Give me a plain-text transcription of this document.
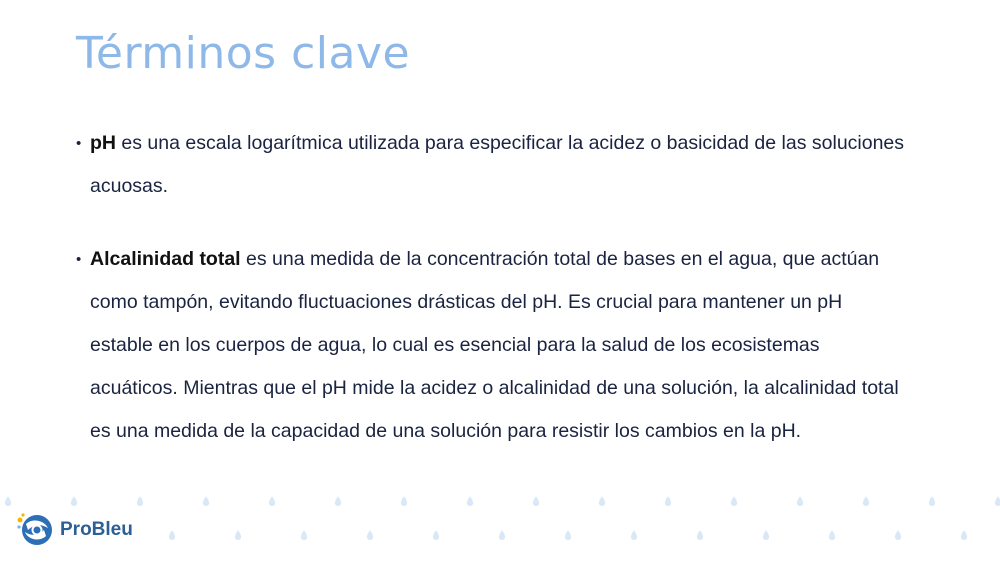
Términos clave
• pH es una escala logarítmica utilizada para especificar la acidez o basicidad de las soluciones acuosas.
• Alcalinidad total es una medida de la concentración total de bases en el agua, que actúan como tampón, evitando fluctuaciones drásticas del pH. Es crucial para mantener un pH estable en los cuerpos de agua, lo cual es esencial para la salud de los ecosistemas acuáticos. Mientras que el pH mide la acidez o alcalinidad de una solución, la alcalinidad total es una medida de la capacidad de una solución para resistir los cambios en la pH.
ProBleu
